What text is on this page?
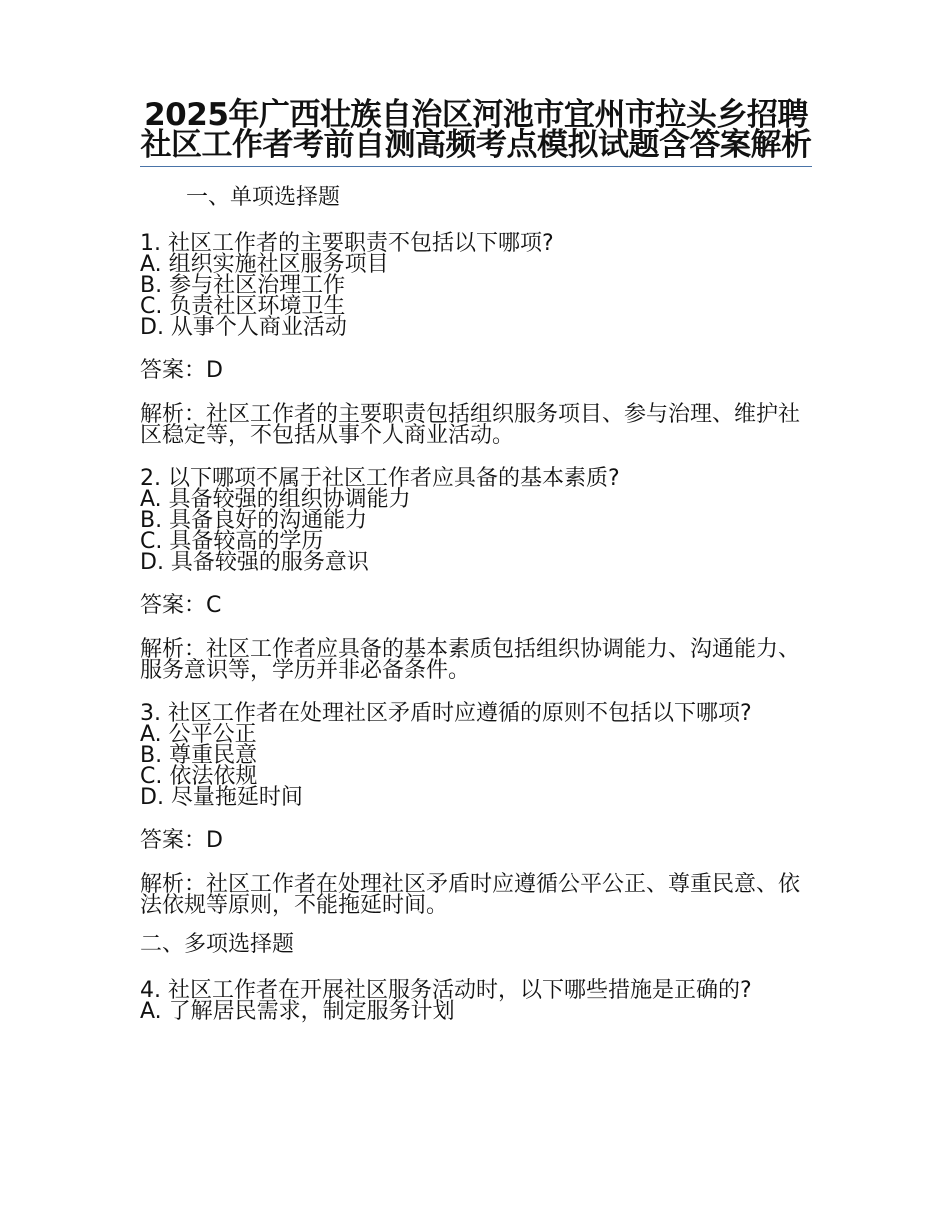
2025年广西壮族自治区河池市宜州市拉头乡招聘社区工作者考前自测高频考点模拟试题含答案解析

一、单项选择题

1. 社区工作者的主要职责不包括以下哪项?

A. 组织实施社区服务项目

B. 参与社区治理工作

C. 负责社区环境卫生

D. 从事个人商业活动

答案：D

解析：社区工作者的主要职责包括组织服务项目、参与治理、维护社区稳定等，不包括从事个人商业活动。

2. 以下哪项不属于社区工作者应具备的基本素质?

A. 具备较强的组织协调能力

B. 具备良好的沟通能力

C. 具备较高的学历

D. 具备较强的服务意识

答案：C

解析：社区工作者应具备的基本素质包括组织协调能力、沟通能力、服务意识等，学历并非必备条件。

3. 社区工作者在处理社区矛盾时应遵循的原则不包括以下哪项?

A. 公平公正

B. 尊重民意

C. 依法依规

D. 尽量拖延时间

答案：D

解析：社区工作者在处理社区矛盾时应遵循公平公正、尊重民意、依法依规等原则，不能拖延时间。

二、多项选择题

4. 社区工作者在开展社区服务活动时，以下哪些措施是正确的?

A. 了解居民需求，制定服务计划
